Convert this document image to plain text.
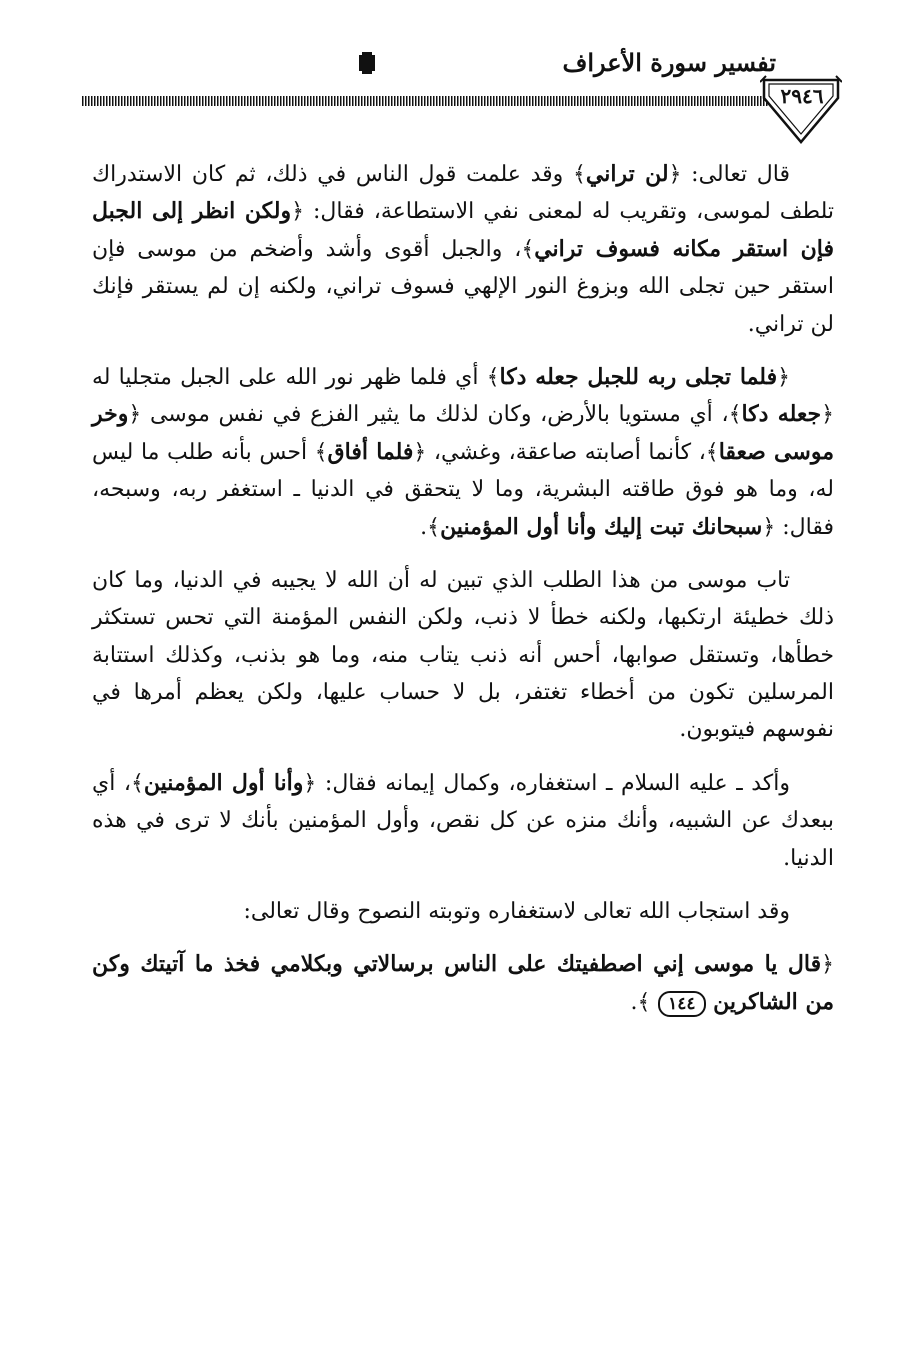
تفسير سورة الأعراف
٢٩٤٦

قال تعالى: ﴿لن تراني﴾ وقد علمت قول الناس في ذلك، ثم كان الاستدراك تلطف لموسى، وتقريب له لمعنى نفي الاستطاعة، فقال: ﴿ولكن انظر إلى الجبل فإن استقر مكانه فسوف تراني﴾، والجبل أقوى وأشد وأضخم من موسى فإن استقر حين تجلى الله وبزوغ النور الإلهي فسوف تراني، ولكنه إن لم يستقر فإنك لن تراني.

﴿فلما تجلى ربه للجبل جعله دكا﴾ أي فلما ظهر نور الله على الجبل متجليا له ﴿جعله دكا﴾، أي مستويا بالأرض، وكان لذلك ما يثير الفزع في نفس موسى ﴿وخر موسى صعقا﴾، كأنما أصابته صاعقة، وغشي، ﴿فلما أفاق﴾ أحس بأنه طلب ما ليس له، وما هو فوق طاقته البشرية، وما لا يتحقق في الدنيا ـ استغفر ربه، وسبحه، فقال: ﴿سبحانك تبت إليك وأنا أول المؤمنين﴾.

تاب موسى من هذا الطلب الذي تبين له أن الله لا يجيبه في الدنيا، وما كان ذلك خطيئة ارتكبها، ولكنه خطأ لا ذنب، ولكن النفس المؤمنة التي تحس تستكثر خطأها، وتستقل صوابها، أحس أنه ذنب يتاب منه، وما هو بذنب، وكذلك استتابة المرسلين تكون من أخطاء تغتفر، بل لا حساب عليها، ولكن يعظم أمرها في نفوسهم فيتوبون.

وأكد ـ عليه السلام ـ استغفاره، وكمال إيمانه فقال: ﴿وأنا أول المؤمنين﴾، أي ببعدك عن الشبيه، وأنك منزه عن كل نقص، وأول المؤمنين بأنك لا ترى في هذه الدنيا.

وقد استجاب الله تعالى لاستغفاره وتوبته النصوح وقال تعالى:

﴿قال يا موسى إني اصطفيتك على الناس برسالاتي وبكلامي فخذ ما آتيتك وكن من الشاكرين ١٤٤ ﴾.
